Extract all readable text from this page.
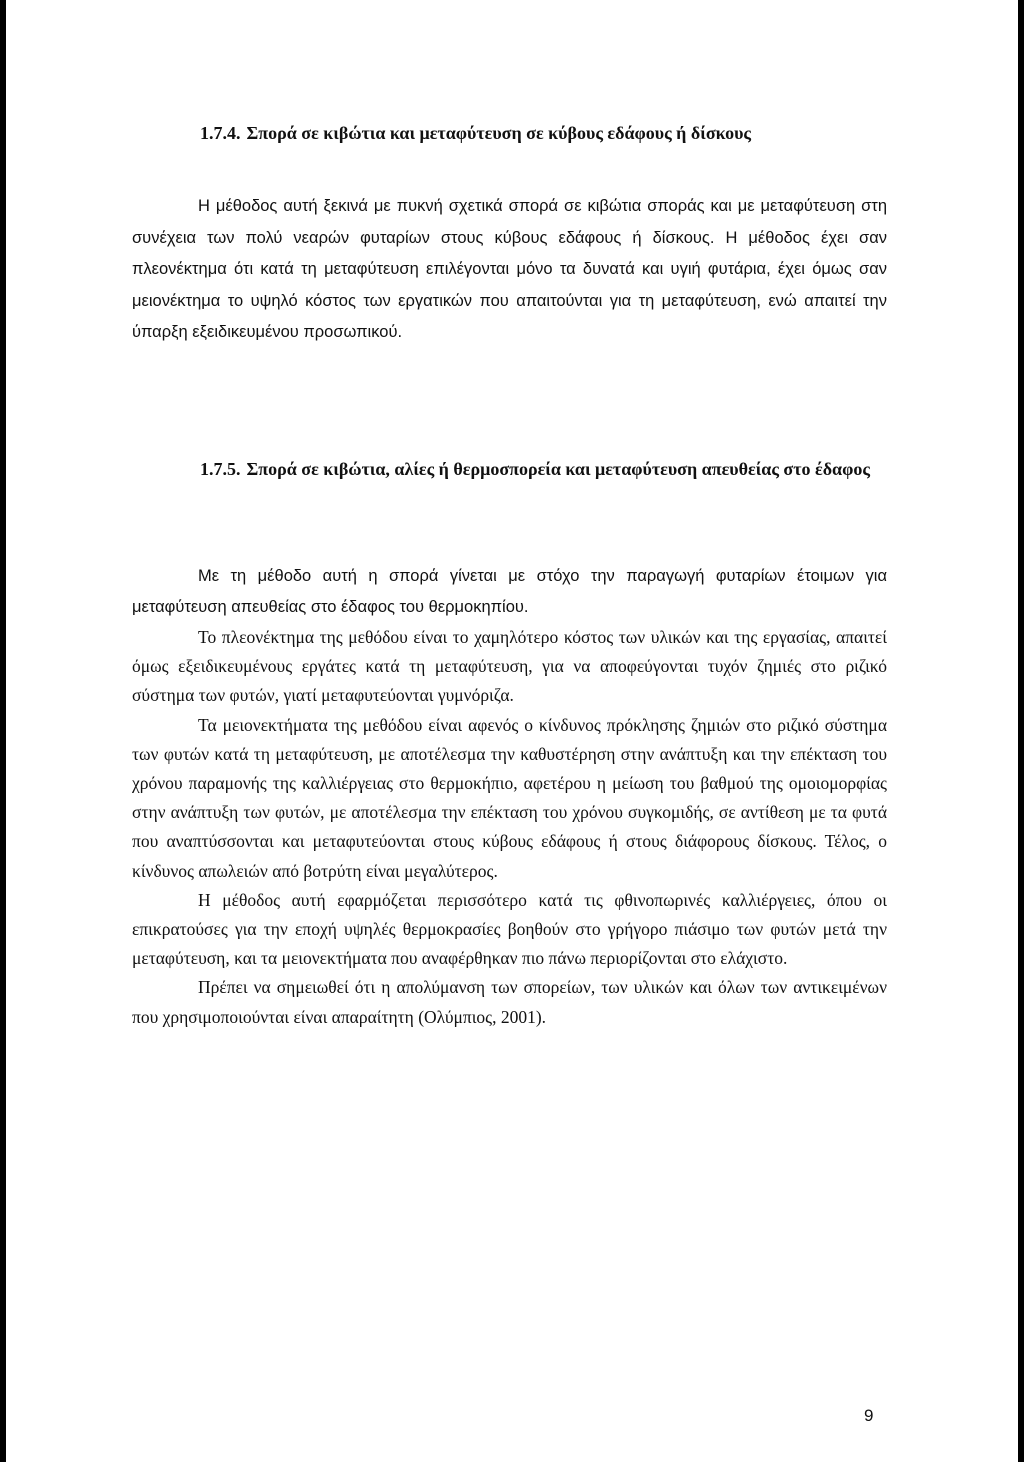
1.7.4. Σπορά σε κιβώτια και μεταφύτευση σε κύβους εδάφους ή δίσκους

Η μέθοδος αυτή ξεκινά με πυκνή σχετικά σπορά σε κιβώτια σποράς και με μεταφύτευση στη συνέχεια των πολύ νεαρών φυταρίων στους κύβους εδάφους ή δίσκους. Η μέθοδος έχει σαν πλεονέκτημα ότι κατά τη μεταφύτευση επιλέγονται μόνο τα δυνατά και υγιή φυτάρια, έχει όμως σαν μειονέκτημα το υψηλό κόστος των εργατικών που απαιτούνται για τη μεταφύτευση, ενώ απαιτεί την ύπαρξη εξειδικευμένου προσωπικού.

1.7.5. Σπορά σε κιβώτια, αλίες ή θερμοσπορεία και μεταφύτευση απευθείας στο έδαφος

Με τη μέθοδο αυτή η σπορά γίνεται με στόχο την παραγωγή φυταρίων έτοιμων για μεταφύτευση απευθείας στο έδαφος του θερμοκηπίου.

Το πλεονέκτημα της μεθόδου είναι το χαμηλότερο κόστος των υλικών και της εργασίας, απαιτεί όμως εξειδικευμένους εργάτες κατά τη μεταφύτευση, για να αποφεύγονται τυχόν ζημιές στο ριζικό σύστημα των φυτών, γιατί μεταφυτεύονται γυμνόριζα.

Τα μειονεκτήματα της μεθόδου είναι αφενός ο κίνδυνος πρόκλησης ζημιών στο ριζικό σύστημα των φυτών κατά τη μεταφύτευση, με αποτέλεσμα την καθυστέρηση στην ανάπτυξη και την επέκταση του χρόνου παραμονής της καλλιέργειας στο θερμοκήπιο, αφετέρου η μείωση του βαθμού της ομοιομορφίας στην ανάπτυξη των φυτών, με αποτέλεσμα την επέκταση του χρόνου συγκομιδής, σε αντίθεση με τα φυτά που αναπτύσσονται και μεταφυτεύονται στους κύβους εδάφους ή στους διάφορους δίσκους. Τέλος, ο κίνδυνος απωλειών από βοτρύτη είναι μεγαλύτερος.

Η μέθοδος αυτή εφαρμόζεται περισσότερο κατά τις φθινοπωρινές καλλιέργειες, όπου οι επικρατούσες για την εποχή υψηλές θερμοκρασίες βοηθούν στο γρήγορο πιάσιμο των φυτών μετά την μεταφύτευση, και τα μειονεκτήματα που αναφέρθηκαν πιο πάνω περιορίζονται στο ελάχιστο.

Πρέπει να σημειωθεί ότι η απολύμανση των σπορείων, των υλικών και όλων των αντικειμένων που χρησιμοποιούνται είναι απαραίτητη (Ολύμπιος, 2001).

9
